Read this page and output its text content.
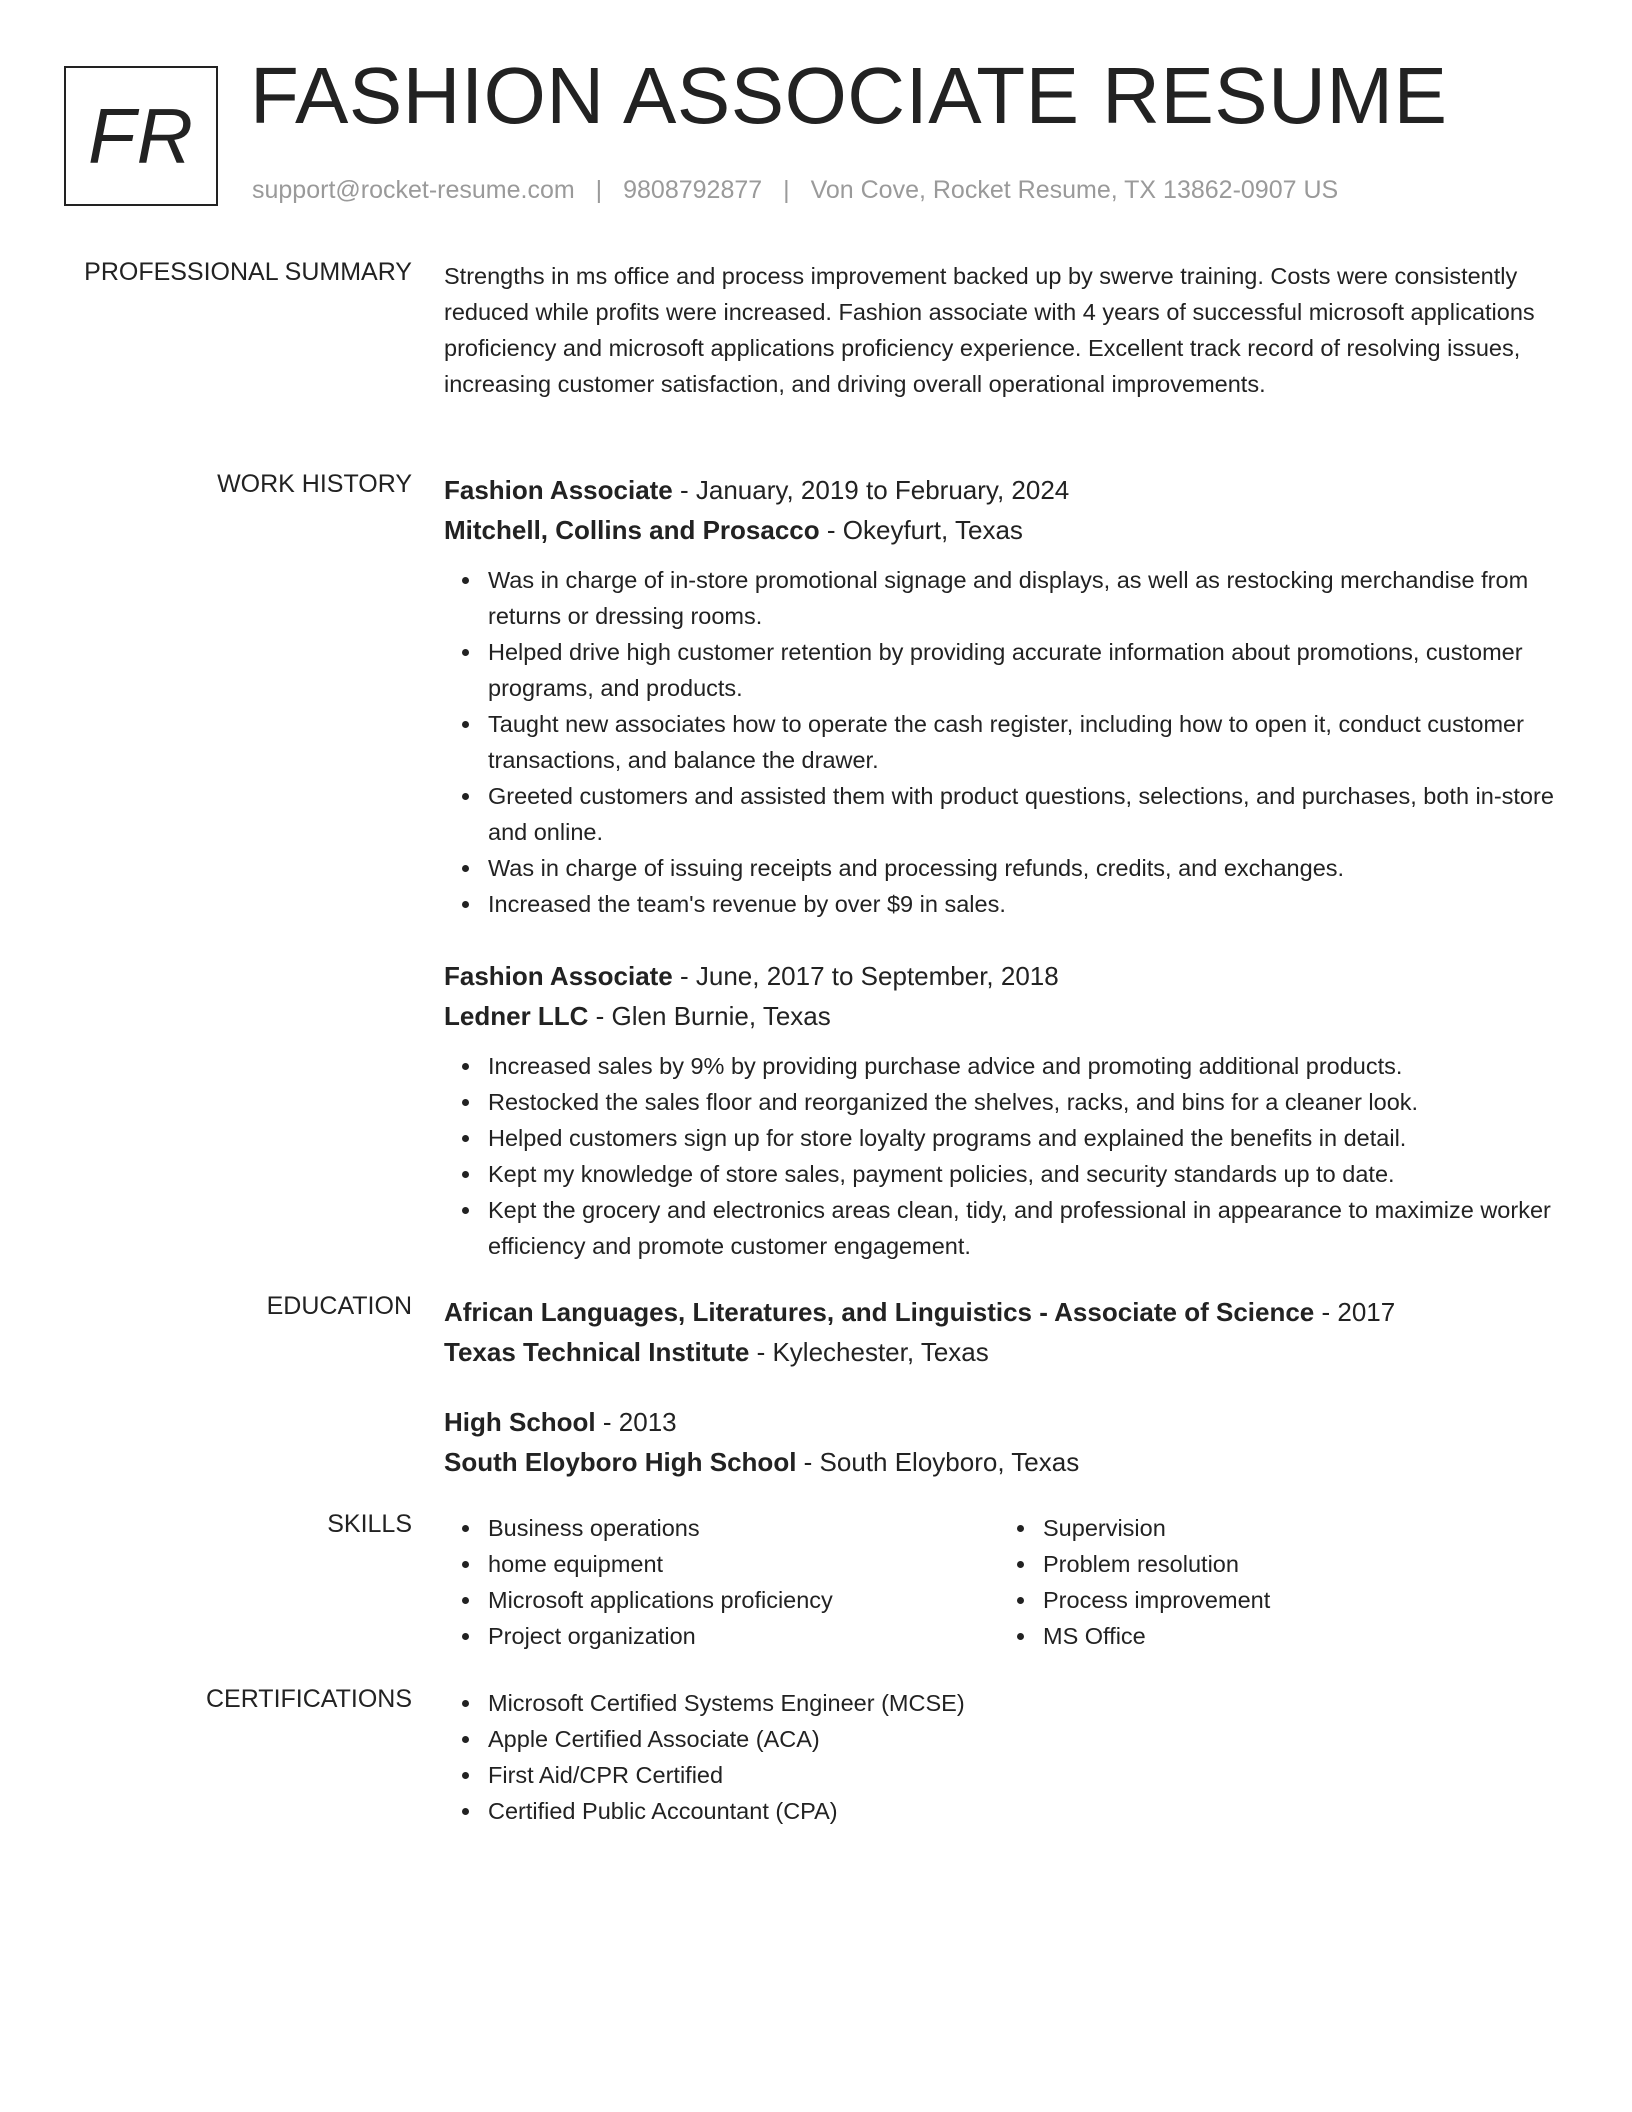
FR FASHION ASSOCIATE RESUME
support@rocket-resume.com | 9808792877 | Von Cove, Rocket Resume, TX 13862-0907 US
PROFESSIONAL SUMMARY Strengths in ms office and process improvement backed up by swerve training. Costs were consistently reduced while profits were increased. Fashion associate with 4 years of successful microsoft applications proficiency and microsoft applications proficiency experience. Excellent track record of resolving issues, increasing customer satisfaction, and driving overall operational improvements.

WORK HISTORY Fashion Associate - January, 2019 to February, 2024
Mitchell, Collins and Prosacco - Okeyfurt, Texas
Was in charge of in-store promotional signage and displays, as well as restocking merchandise from returns or dressing rooms.
Helped drive high customer retention by providing accurate information about promotions, customer programs, and products.
Taught new associates how to operate the cash register, including how to open it, conduct customer transactions, and balance the drawer.
Greeted customers and assisted them with product questions, selections, and purchases, both in-store and online.
Was in charge of issuing receipts and processing refunds, credits, and exchanges.
Increased the team's revenue by over $9 in sales.
Fashion Associate - June, 2017 to September, 2018
Ledner LLC - Glen Burnie, Texas
Increased sales by 9% by providing purchase advice and promoting additional products.
Restocked the sales floor and reorganized the shelves, racks, and bins for a cleaner look.
Helped customers sign up for store loyalty programs and explained the benefits in detail.
Kept my knowledge of store sales, payment policies, and security standards up to date.
Kept the grocery and electronics areas clean, tidy, and professional in appearance to maximize worker efficiency and promote customer engagement.
EDUCATION African Languages, Literatures, and Linguistics - Associate of Science - 2017
Texas Technical Institute - Kylechester, Texas
High School - 2013
South Eloyboro High School - South Eloyboro, Texas
SKILLS	Business operations
home equipment
Microsoft applications proficiency
Project organization
Supervision
Problem resolution
Process improvement
MS Office
CERTIFICATIONS	Microsoft Certified Systems Engineer (MCSE)
Apple Certified Associate (ACA)
First Aid/CPR Certified
Certified Public Accountant (CPA)
